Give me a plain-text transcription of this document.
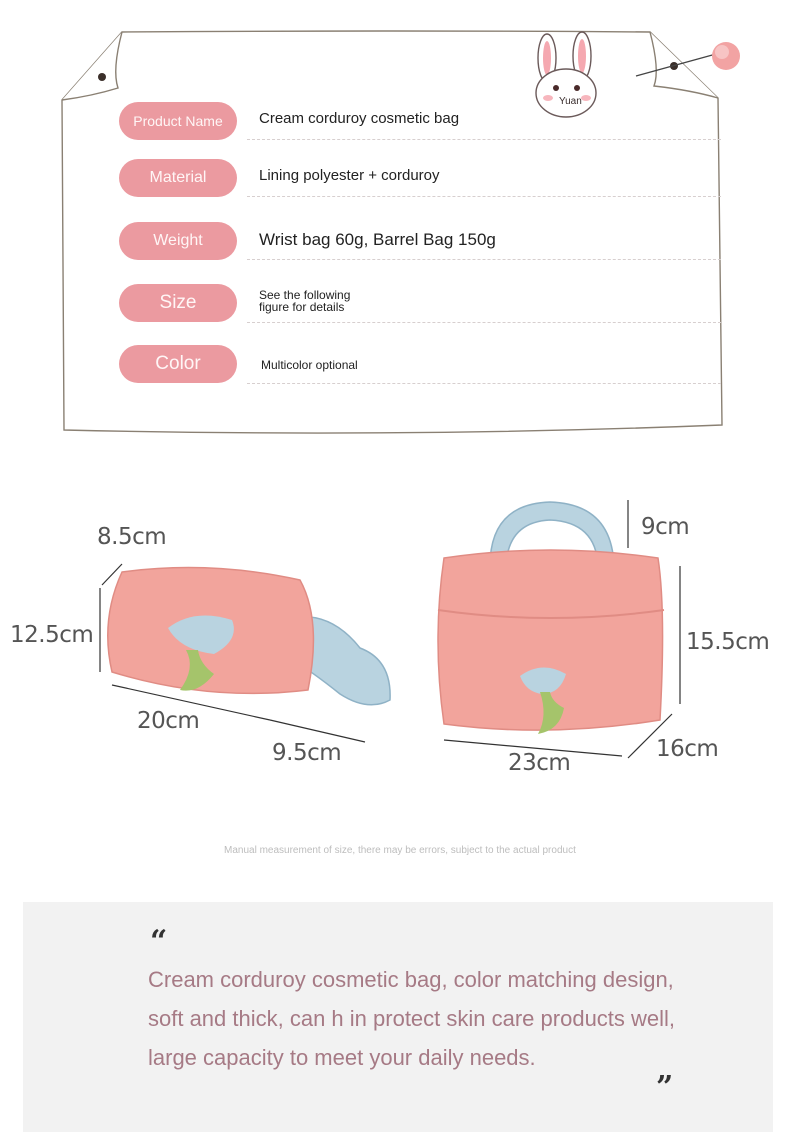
Yuan
Product Name	Cream corduroy cosmetic bag
Material	Lining polyester + corduroy
Weight	Wrist bag 60g, Barrel Bag 150g
Size	See the following figure for details
Color	Multicolor optional
8.5cm
12.5cm
20cm
9.5cm
9cm
15.5cm
23cm
16cm
Manual measurement of size, there may be errors, subject to the actual product
“
Cream corduroy cosmetic bag, color matching design, soft and thick, can h in protect skin care products well, large capacity to meet your daily needs.
”
